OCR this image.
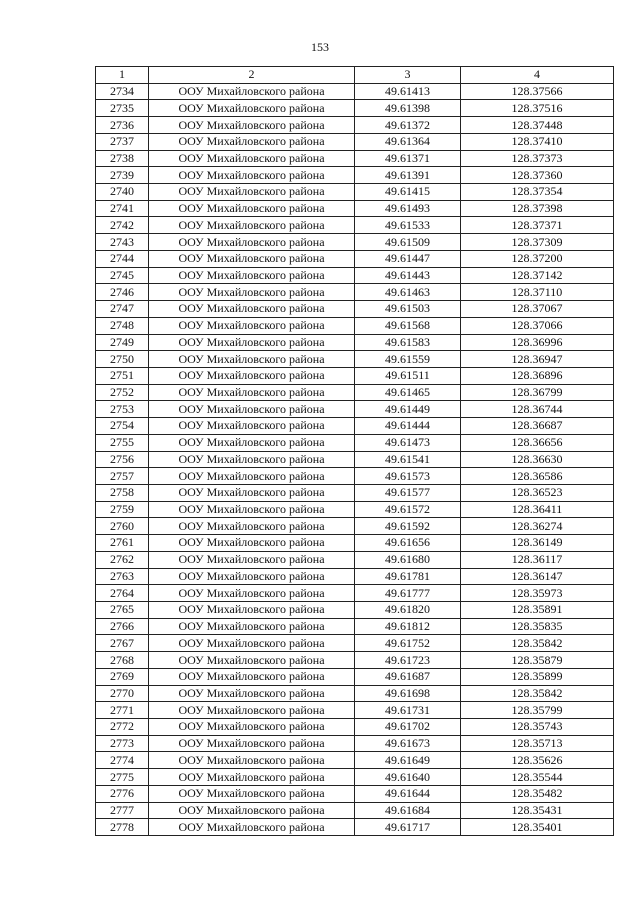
153
1	2	3	4
2734	ООУ Михайловского района	49.61413	128.37566
2735	ООУ Михайловского района	49.61398	128.37516
2736	ООУ Михайловского района	49.61372	128.37448
2737	ООУ Михайловского района	49.61364	128.37410
2738	ООУ Михайловского района	49.61371	128.37373
2739	ООУ Михайловского района	49.61391	128.37360
2740	ООУ Михайловского района	49.61415	128.37354
2741	ООУ Михайловского района	49.61493	128.37398
2742	ООУ Михайловского района	49.61533	128.37371
2743	ООУ Михайловского района	49.61509	128.37309
2744	ООУ Михайловского района	49.61447	128.37200
2745	ООУ Михайловского района	49.61443	128.37142
2746	ООУ Михайловского района	49.61463	128.37110
2747	ООУ Михайловского района	49.61503	128.37067
2748	ООУ Михайловского района	49.61568	128.37066
2749	ООУ Михайловского района	49.61583	128.36996
2750	ООУ Михайловского района	49.61559	128.36947
2751	ООУ Михайловского района	49.61511	128.36896
2752	ООУ Михайловского района	49.61465	128.36799
2753	ООУ Михайловского района	49.61449	128.36744
2754	ООУ Михайловского района	49.61444	128.36687
2755	ООУ Михайловского района	49.61473	128.36656
2756	ООУ Михайловского района	49.61541	128.36630
2757	ООУ Михайловского района	49.61573	128.36586
2758	ООУ Михайловского района	49.61577	128.36523
2759	ООУ Михайловского района	49.61572	128.36411
2760	ООУ Михайловского района	49.61592	128.36274
2761	ООУ Михайловского района	49.61656	128.36149
2762	ООУ Михайловского района	49.61680	128.36117
2763	ООУ Михайловского района	49.61781	128.36147
2764	ООУ Михайловского района	49.61777	128.35973
2765	ООУ Михайловского района	49.61820	128.35891
2766	ООУ Михайловского района	49.61812	128.35835
2767	ООУ Михайловского района	49.61752	128.35842
2768	ООУ Михайловского района	49.61723	128.35879
2769	ООУ Михайловского района	49.61687	128.35899
2770	ООУ Михайловского района	49.61698	128.35842
2771	ООУ Михайловского района	49.61731	128.35799
2772	ООУ Михайловского района	49.61702	128.35743
2773	ООУ Михайловского района	49.61673	128.35713
2774	ООУ Михайловского района	49.61649	128.35626
2775	ООУ Михайловского района	49.61640	128.35544
2776	ООУ Михайловского района	49.61644	128.35482
2777	ООУ Михайловского района	49.61684	128.35431
2778	ООУ Михайловского района	49.61717	128.35401
